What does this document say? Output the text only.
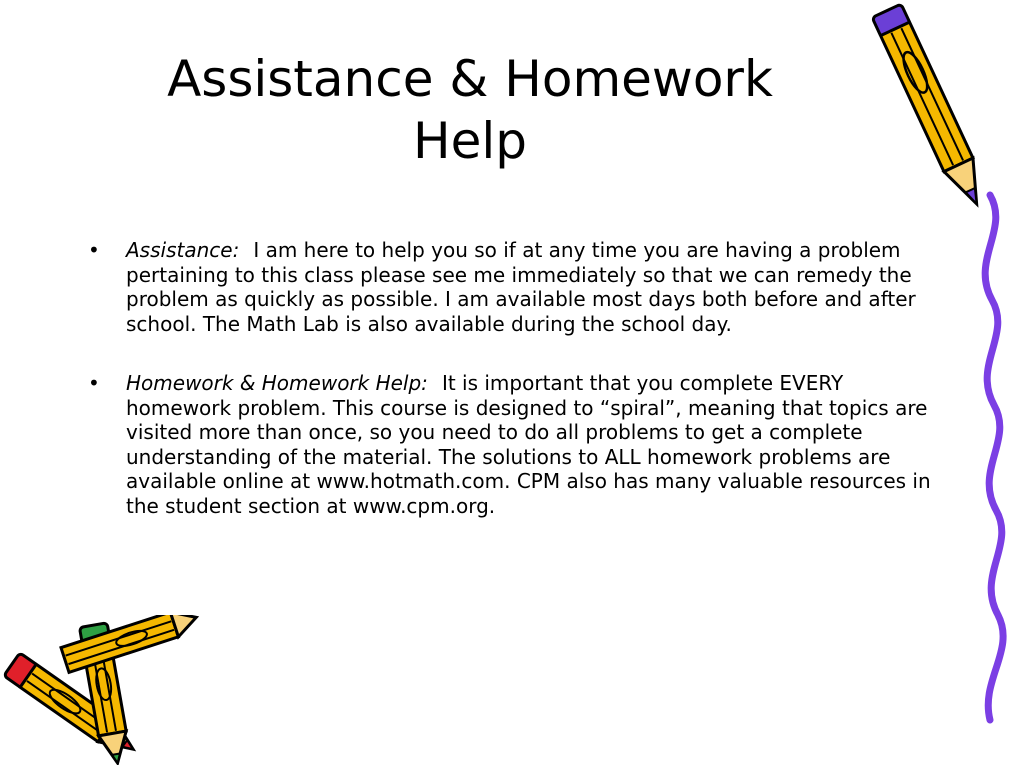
Assistance & Homework
Help
•	Assistance: I am here to help you so if at any time you are having a problem pertaining to this class please see me immediately so that we can remedy the problem as quickly as possible. I am available most days both before and after school. The Math Lab is also available during the school day.
•	Homework & Homework Help: It is important that you complete EVERY homework problem. This course is designed to “spiral”, meaning that topics are visited more than once, so you need to do all problems to get a complete understanding of the material. The solutions to ALL homework problems are available online at www.hotmath.com. CPM also has many valuable resources in the student section at www.cpm.org.
